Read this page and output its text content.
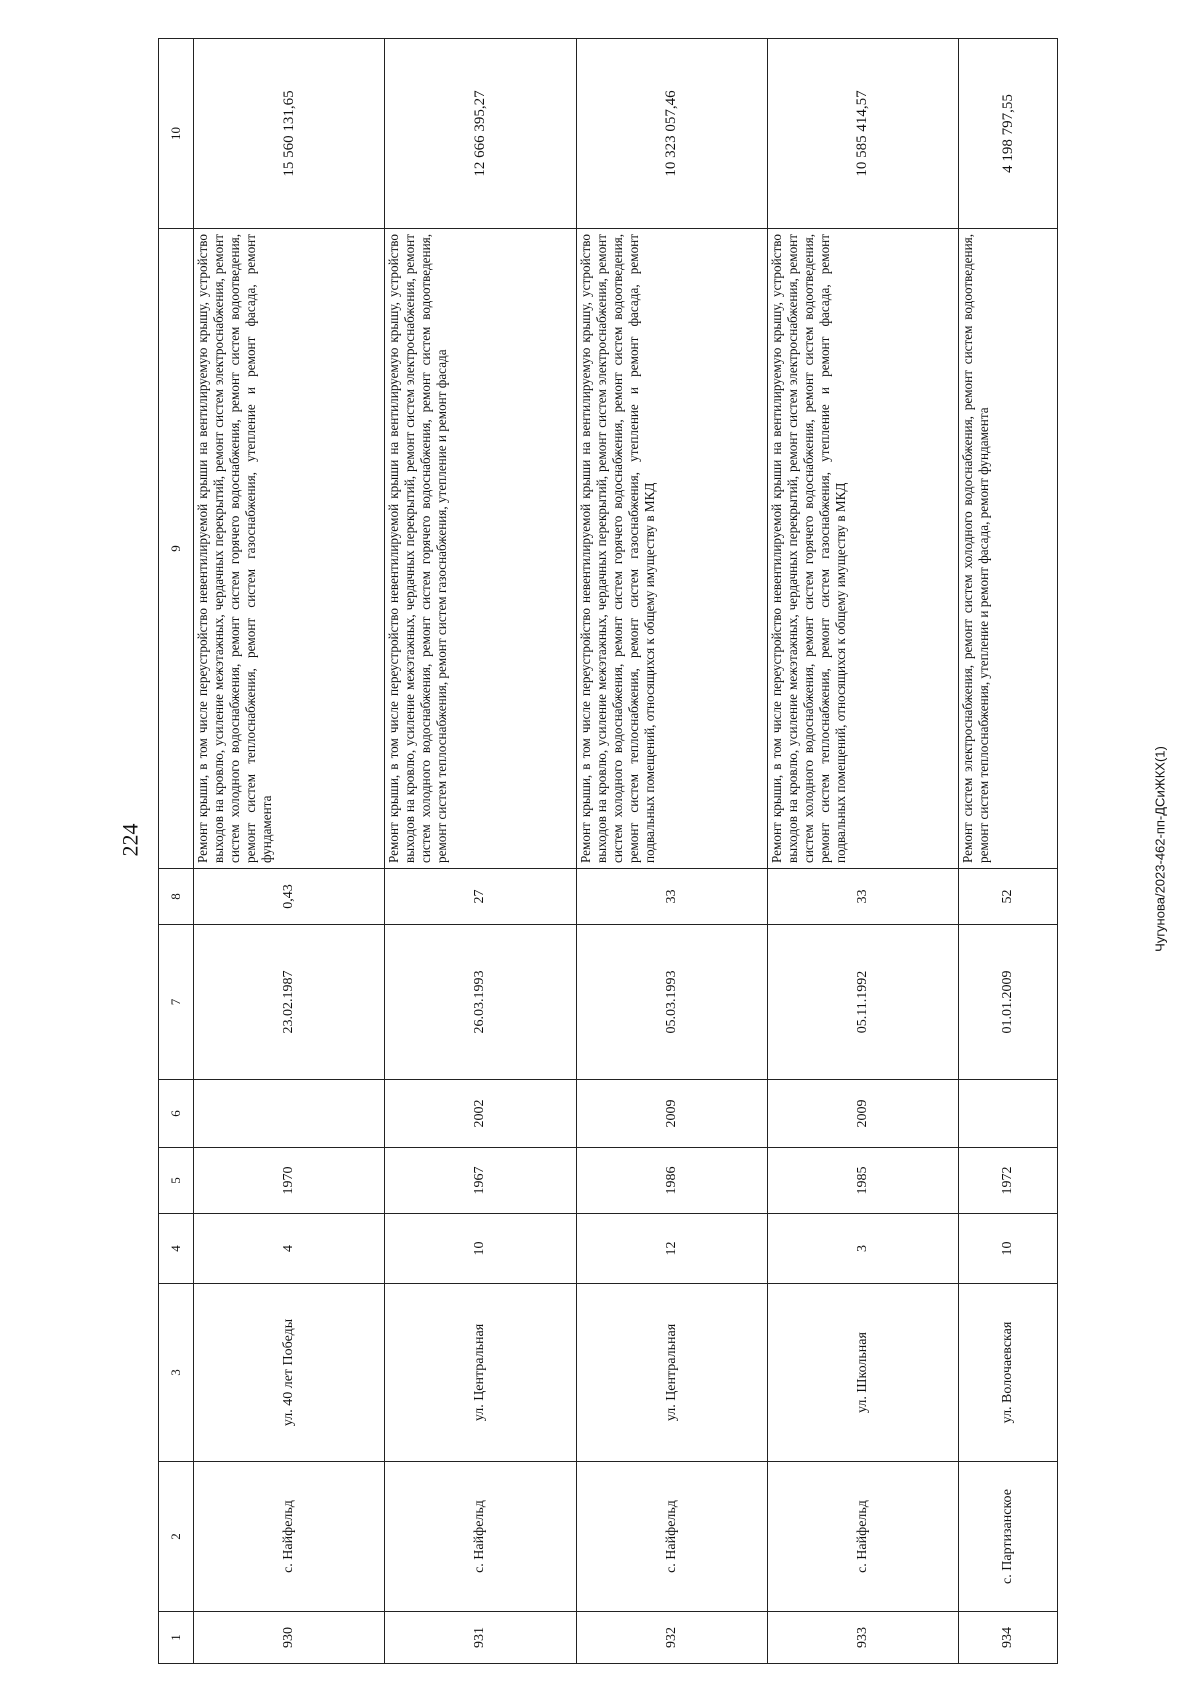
224
1	2	3	4	5	6	7	8	9	10
930	с. Найфельд	ул. 40 лет Победы	4	1970		23.02.1987	0,43	Ремонт крыши, в том числе переустройство невентилируемой крыши на вентилируемую крышу, устройство выходов на кровлю, усиление межэтажных, чердачных перекрытий, ремонт систем электроснабжения, ремонт систем холодного водоснабжения, ремонт систем горячего водоснабжения, ремонт систем водоотведения, ремонт систем теплоснабжения, ремонт систем газоснабжения, утепление и ремонт фасада, ремонт фундамента	15 560 131,65
931	с. Найфельд	ул. Центральная	10	1967	2002	26.03.1993	27	Ремонт крыши, в том числе переустройство невентилируемой крыши на вентилируемую крышу, устройство выходов на кровлю, усиление межэтажных, чердачных перекрытий, ремонт систем электроснабжения, ремонт систем холодного водоснабжения, ремонт систем горячего водоснабжения, ремонт систем водоотведения, ремонт систем теплоснабжения, ремонт систем газоснабжения, утепление и ремонт фасада	12 666 395,27
932	с. Найфельд	ул. Центральная	12	1986	2009	05.03.1993	33	Ремонт крыши, в том числе переустройство невентилируемой крыши на вентилируемую крышу, устройство выходов на кровлю, усиление межэтажных, чердачных перекрытий, ремонт систем электроснабжения, ремонт систем холодного водоснабжения, ремонт систем горячего водоснабжения, ремонт систем водоотведения, ремонт систем теплоснабжения, ремонт систем газоснабжения, утепление и ремонт фасада, ремонт подвальных помещений, относящихся к общему имуществу в МКД	10 323 057,46
933	с. Найфельд	ул. Школьная	3	1985	2009	05.11.1992	33	Ремонт крыши, в том числе переустройство невентилируемой крыши на вентилируемую крышу, устройство выходов на кровлю, усиление межэтажных, чердачных перекрытий, ремонт систем электроснабжения, ремонт систем холодного водоснабжения, ремонт систем горячего водоснабжения, ремонт систем водоотведения, ремонт систем теплоснабжения, ремонт систем газоснабжения, утепление и ремонт фасада, ремонт подвальных помещений, относящихся к общему имуществу в МКД	10 585 414,57
934	с. Партизанское	ул. Волочаевская	10	1972		01.01.2009	52	Ремонт систем электроснабжения, ремонт систем холодного водоснабжения, ремонт систем водоотведения, ремонт систем теплоснабжения, утепление и ремонт фасада, ремонт фундамента	4 198 797,55
Чугунова/2023-462-пп-ДСиЖКХ(1)
